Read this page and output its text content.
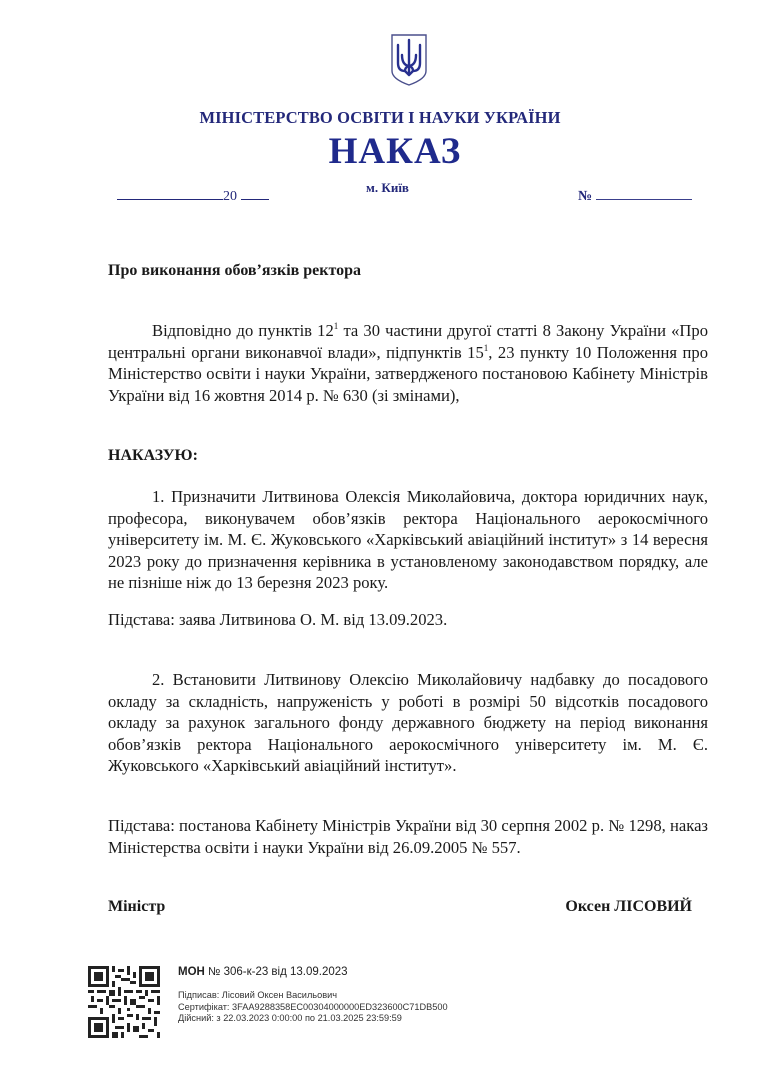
МІНІСТЕРСТВО ОСВІТИ І НАУКИ УКРАЇНИ
НАКАЗ
м. Київ
20	№
Про виконання обов’язків ректора
Відповідно до пунктів $12^1$ та 30 частини другої статті 8 Закону України «Про центральні органи виконавчої влади», підпунктів $15^1$, 23 пункту 10 Положення про Міністерство освіти і науки України, затвердженого постановою Кабінету Міністрів України від 16 жовтня 2014 р. № 630 (зі змінами),
НАКАЗУЮ:
1. Призначити Литвинова Олексія Миколайовича, доктора юридичних наук, професора, виконувачем обов’язків ректора Національного аерокосмічного університету ім. М. Є. Жуковського «Харківський авіаційний інститут» з 14 вересня 2023 року до призначення керівника в установленому законодавством порядку, але не пізніше ніж до 13 березня 2023 року.
Підстава: заява Литвинова О. М. від 13.09.2023.
2. Встановити Литвинову Олексію Миколайовичу надбавку до посадового окладу за складність, напруженість у роботі в розмірі 50 відсотків посадового окладу за рахунок загального фонду державного бюджету на період виконання обов’язків ректора Національного аерокосмічного університету ім. М. Є. Жуковського «Харківський авіаційний інститут».
Підстава: постанова Кабінету Міністрів України від 30 серпня 2002 р. № 1298, наказ Міністерства освіти і науки України від 26.09.2005 № 557.
Міністр	Оксен ЛІСОВИЙ
МОН № 306-к-23 від 13.09.2023
Підписав: Лісовий Оксен Васильович
Сертифікат: 3FAA9288358EC00304000000ED323600C71DB500
Дійсний: з 22.03.2023 0:00:00 по 21.03.2025 23:59:59
